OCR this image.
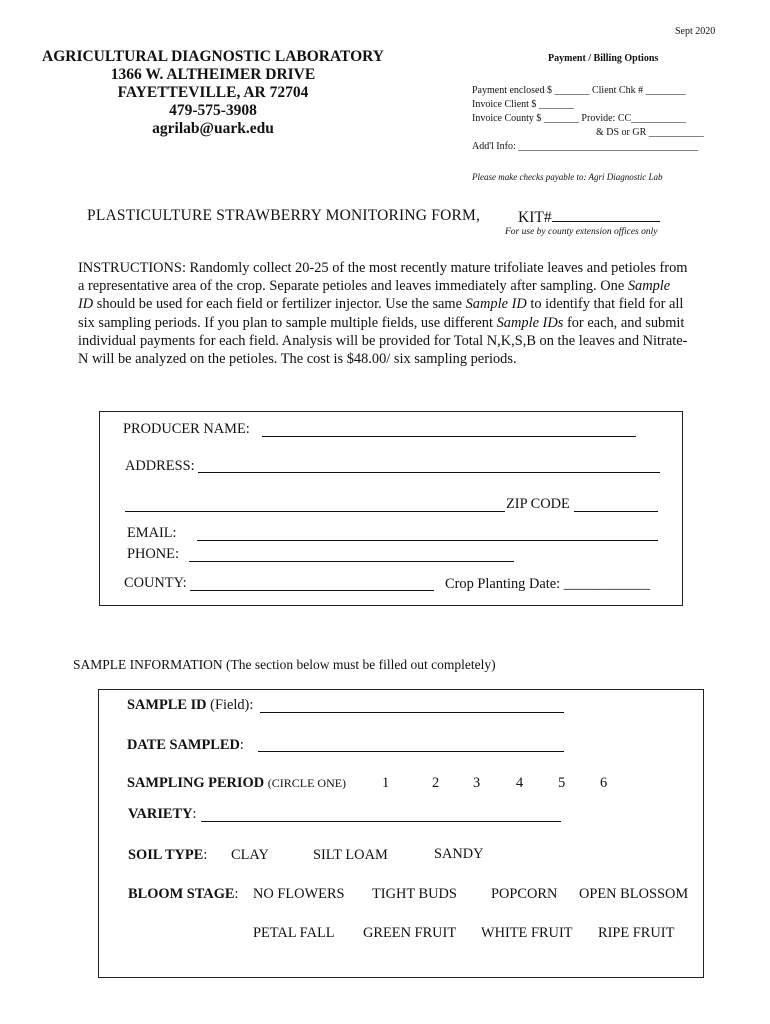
Sept 2020
AGRICULTURAL DIAGNOSTIC LABORATORY
1366 W. ALTHEIMER DRIVE
FAYETTEVILLE, AR 72704
479-575-3908
agrilab@uark.edu
Payment / Billing Options
Payment enclosed $ _______ Client Chk # ________
Invoice Client $ _______
Invoice County $ _______ Provide: CC___________
& DS or GR ___________
Add'l Info: ____________________________________
Please make checks payable to: Agri Diagnostic Lab
PLASTICULTURE STRAWBERRY MONITORING FORM, KIT#
For use by county extension offices only
INSTRUCTIONS: Randomly collect 20-25 of the most recently mature trifoliate leaves and petioles from a representative area of the crop. Separate petioles and leaves immediately after sampling. One Sample ID should be used for each field or fertilizer injector. Use the same Sample ID to identify that field for all six sampling periods. If you plan to sample multiple fields, use different Sample IDs for each, and submit individual payments for each field. Analysis will be provided for Total N,K,S,B on the leaves and Nitrate-N will be analyzed on the petioles. The cost is $48.00/ six sampling periods.
PRODUCER NAME:
ADDRESS:
ZIP CODE
EMAIL:
PHONE:
COUNTY:	Crop Planting Date: ____________
SAMPLE INFORMATION (The section below must be filled out completely)
SAMPLE ID (Field):
DATE SAMPLED:
SAMPLING PERIOD (CIRCLE ONE) 1	2 3 4 5 6
VARIETY:
SOIL TYPE: CLAY	SILT LOAM	SANDY
BLOOM STAGE: NO FLOWERS TIGHT BUDS POPCORN OPEN BLOSSOM
PETAL FALL GREEN FRUIT WHITE FRUIT RIPE FRUIT
